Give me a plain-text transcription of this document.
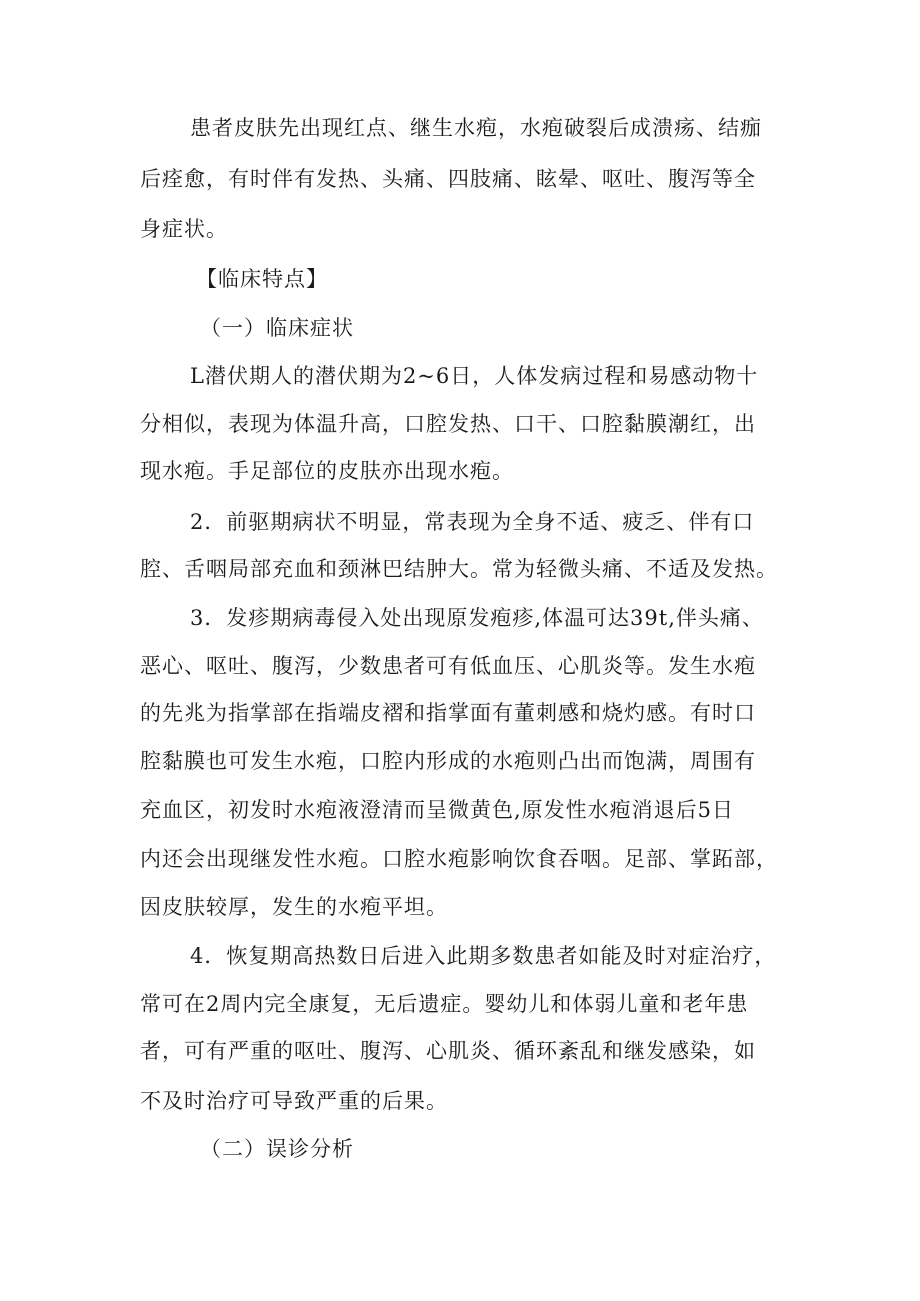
患者皮肤先出现红点、继生水疱，水疱破裂后成溃疡、结痂
后痊愈，有时伴有发热、头痛、四肢痛、眩晕、呕吐、腹泻等全
身症状。
【临床特点】
（一）临床症状
L潜伏期人的潜伏期为2~6日，人体发病过程和易感动物十
分相似，表现为体温升高，口腔发热、口干、口腔黏膜潮红，出
现水疱。手足部位的皮肤亦出现水疱。
2．前驱期病状不明显，常表现为全身不适、疲乏、伴有口
腔、舌咽局部充血和颈淋巴结肿大。常为轻微头痛、不适及发热。
3．发疹期病毒侵入处出现原发疱疹,体温可达39t,伴头痛、
恶心、呕吐、腹泻，少数患者可有低血压、心肌炎等。发生水疱
的先兆为指掌部在指端皮褶和指掌面有董刺感和烧灼感。有时口
腔黏膜也可发生水疱，口腔内形成的水疱则凸出而饱满，周围有
充血区，初发时水疱液澄清而呈微黄色,原发性水疱消退后5日
内还会出现继发性水疱。口腔水疱影响饮食吞咽。足部、掌跖部，
因皮肤较厚，发生的水疱平坦。
4．恢复期高热数日后进入此期多数患者如能及时对症治疗，
常可在2周内完全康复，无后遗症。婴幼儿和体弱儿童和老年患
者，可有严重的呕吐、腹泻、心肌炎、循环紊乱和继发感染，如
不及时治疗可导致严重的后果。
（二）误诊分析
